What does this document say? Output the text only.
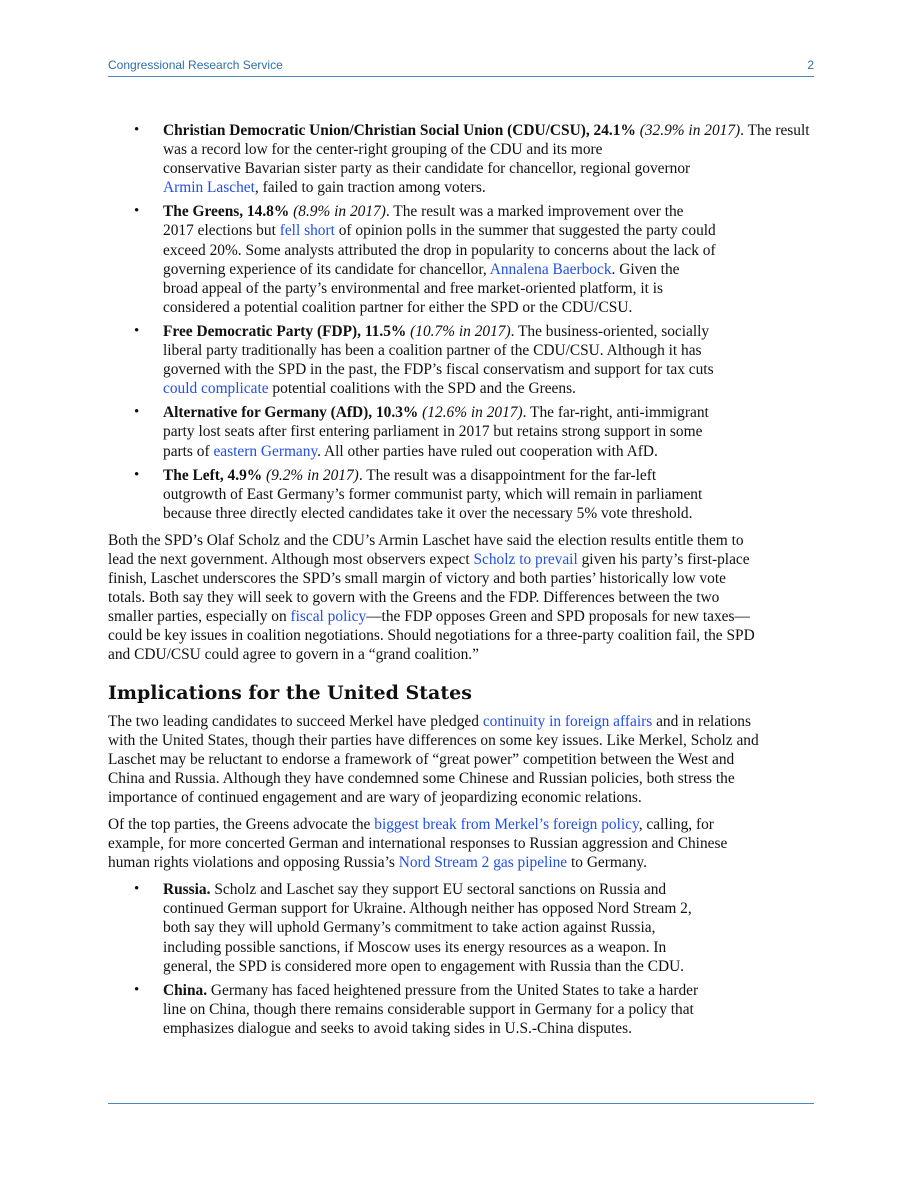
Congressional Research Service	2
• Christian Democratic Union/Christian Social Union (CDU/CSU), 24.1% (32.9% in 2017). The result was a record low for the center-right grouping of the CDU and its more
conservative Bavarian sister party as their candidate for chancellor, regional governor
Armin Laschet, failed to gain traction among voters.
• The Greens, 14.8% (8.9% in 2017). The result was a marked improvement over the
2017 elections but fell short of opinion polls in the summer that suggested the party could
exceed 20%. Some analysts attributed the drop in popularity to concerns about the lack of
governing experience of its candidate for chancellor, Annalena Baerbock. Given the
broad appeal of the party’s environmental and free market-oriented platform, it is
considered a potential coalition partner for either the SPD or the CDU/CSU.
• Free Democratic Party (FDP), 11.5% (10.7% in 2017). The business-oriented, socially
liberal party traditionally has been a coalition partner of the CDU/CSU. Although it has
governed with the SPD in the past, the FDP’s fiscal conservatism and support for tax cuts
could complicate potential coalitions with the SPD and the Greens.
• Alternative for Germany (AfD), 10.3% (12.6% in 2017). The far-right, anti-immigrant
party lost seats after first entering parliament in 2017 but retains strong support in some
parts of eastern Germany. All other parties have ruled out cooperation with AfD.
• The Left, 4.9% (9.2% in 2017). The result was a disappointment for the far-left
outgrowth of East Germany’s former communist party, which will remain in parliament
because three directly elected candidates take it over the necessary 5% vote threshold.

Both the SPD’s Olaf Scholz and the CDU’s Armin Laschet have said the election results entitle them to
lead the next government. Although most observers expect Scholz to prevail given his party’s first-place
finish, Laschet underscores the SPD’s small margin of victory and both parties’ historically low vote
totals. Both say they will seek to govern with the Greens and the FDP. Differences between the two
smaller parties, especially on fiscal policy—the FDP opposes Green and SPD proposals for new taxes—
could be key issues in coalition negotiations. Should negotiations for a three-party coalition fail, the SPD
and CDU/CSU could agree to govern in a “grand coalition.”

Implications for the United States

The two leading candidates to succeed Merkel have pledged continuity in foreign affairs and in relations
with the United States, though their parties have differences on some key issues. Like Merkel, Scholz and
Laschet may be reluctant to endorse a framework of “great power” competition between the West and
China and Russia. Although they have condemned some Chinese and Russian policies, both stress the
importance of continued engagement and are wary of jeopardizing economic relations.

Of the top parties, the Greens advocate the biggest break from Merkel’s foreign policy, calling, for
example, for more concerted German and international responses to Russian aggression and Chinese
human rights violations and opposing Russia’s Nord Stream 2 gas pipeline to Germany.

• Russia. Scholz and Laschet say they support EU sectoral sanctions on Russia and
continued German support for Ukraine. Although neither has opposed Nord Stream 2,
both say they will uphold Germany’s commitment to take action against Russia,
including possible sanctions, if Moscow uses its energy resources as a weapon. In
general, the SPD is considered more open to engagement with Russia than the CDU.
• China. Germany has faced heightened pressure from the United States to take a harder
line on China, though there remains considerable support in Germany for a policy that
emphasizes dialogue and seeks to avoid taking sides in U.S.-China disputes.
